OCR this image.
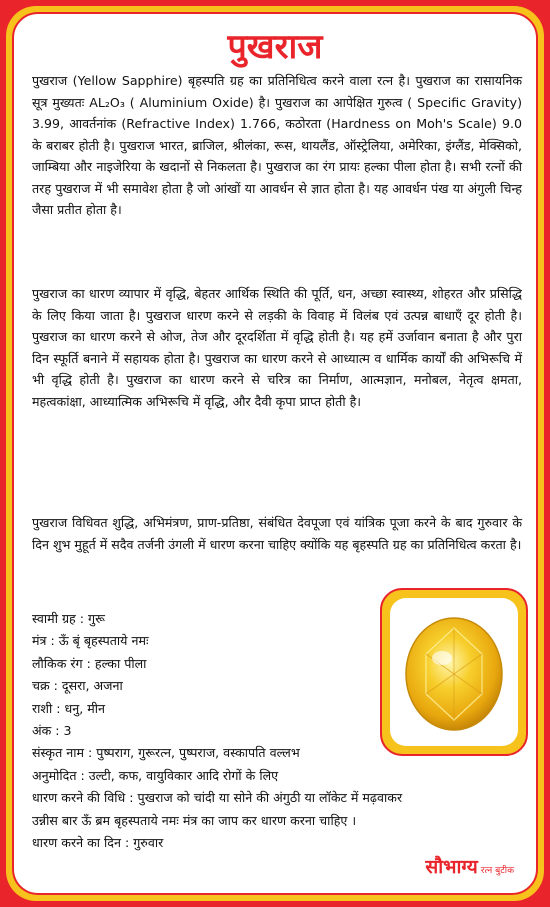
पुखराज
पुखराज (Yellow Sapphire) बृहस्पति ग्रह का प्रतिनिधित्व करने वाला रत्न है। पुखराज का रासायनिक सूत्र मुख्यतः AL₂O₃ ( Aluminium Oxide) है। पुखराज का आपेक्षित गुरुत्व ( Specific Gravity) 3.99, आवर्तनांक (Refractive Index) 1.766, कठोरता (Hardness on Moh's Scale) 9.0 के बराबर होती है। पुखराज भारत, ब्राजिल, श्रीलंका, रूस, थायलैंड, ऑस्ट्रेलिया, अमेरिका, इंग्लैंड, मेक्सिको, जाम्बिया और नाइजेरिया के खदानों से निकलता है। पुखराज का रंग प्रायः हल्का पीला होता है। सभी रत्नों की तरह पुखराज में भी समावेश होता है जो आंखों या आवर्धन से ज्ञात होता है। यह आवर्धन पंख या अंगुली चिन्ह जैसा प्रतीत होता है।
पुखराज का धारण व्यापार में वृद्धि, बेहतर आर्थिक स्थिति की पूर्ति, धन, अच्छा स्वास्थ्य, शोहरत और प्रसिद्धि के लिए किया जाता है। पुखराज धारण करने से लड़की के विवाह में विलंब एवं उत्पन्न बाधाएँ दूर होती है। पुखराज का धारण करने से ओज, तेज और दूरदर्शिता में वृद्धि होती है। यह हमें उर्जावान बनाता है और पुरा दिन स्फूर्ति बनाने में सहायक होता है। पुखराज का धारण करने से आध्यात्म व धार्मिक कार्यों की अभिरूचि में भी वृद्धि होती है। पुखराज का धारण करने से चरित्र का निर्माण, आत्मज्ञान, मनोबल, नेतृत्व क्षमता, महत्वकांक्षा, आध्यात्मिक अभिरूचि में वृद्धि, और दैवी कृपा प्राप्त होती है।
पुखराज विधिवत शुद्धि, अभिमंत्रण, प्राण-प्रतिष्ठा, संबंधित देवपूजा एवं यांत्रिक पूजा करने के बाद गुरुवार के दिन शुभ मुहूर्त में सदैव तर्जनी उंगली में धारण करना चाहिए क्योंकि यह बृहस्पति ग्रह का प्रतिनिधित्व करता है।
स्वामी ग्रह : गुरू
मंत्र : ऊँ बृं बृहस्पताये नमः
लौकिक रंग : हल्का पीला
चक्र : दूसरा, अजना
राशी : धनु, मीन
अंक : 3
संस्कृत नाम : पुष्पराग, गुरूरत्न, पुष्पराज, वस्कापति वल्लभ
अनुमोदित : उल्टी, कफ, वायुविकार आदि रोगों के लिए
धारण करने की विधि : पुखराज को चांदी या सोने की अंगुठी या लॉकेट में मढ़वाकर
उन्नीस बार ऊँ ब्रम बृहस्पताये नमः मंत्र का जाप कर धारण करना चाहिए ।
धारण करने का दिन : गुरुवार
सौभाग्य रत्न बुटीक
